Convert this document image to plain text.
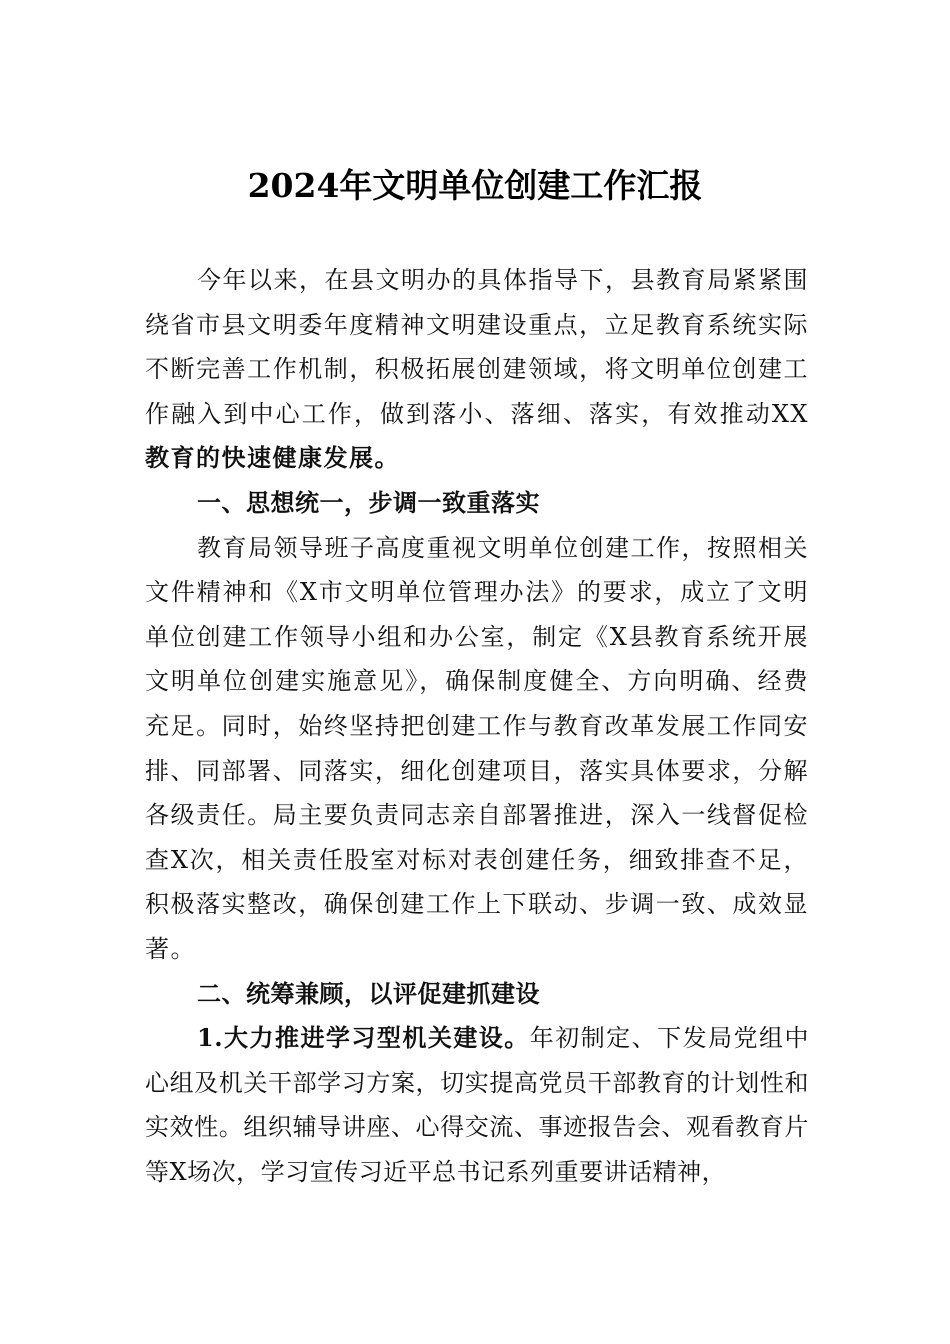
2024年文明单位创建工作汇报

今年以来，在县文明办的具体指导下，县教育局紧紧围绕省市县文明委年度精神文明建设重点，立足教育系统实际不断完善工作机制，积极拓展创建领域，将文明单位创建工作融入到中心工作，做到落小、落细、落实，有效推动XX教育的快速健康发展。

一、思想统一，步调一致重落实

教育局领导班子高度重视文明单位创建工作，按照相关文件精神和《X市文明单位管理办法》的要求，成立了文明单位创建工作领导小组和办公室，制定《X县教育系统开展文明单位创建实施意见》，确保制度健全、方向明确、经费充足。同时，始终坚持把创建工作与教育改革发展工作同安排、同部署、同落实，细化创建项目，落实具体要求，分解各级责任。局主要负责同志亲自部署推进，深入一线督促检查X次，相关责任股室对标对表创建任务，细致排查不足，积极落实整改，确保创建工作上下联动、步调一致、成效显著。

二、统筹兼顾，以评促建抓建设

1.大力推进学习型机关建设。年初制定、下发局党组中心组及机关干部学习方案，切实提高党员干部教育的计划性和实效性。组织辅导讲座、心得交流、事迹报告会、观看教育片等X场次，学习宣传习近平总书记系列重要讲话精神，
